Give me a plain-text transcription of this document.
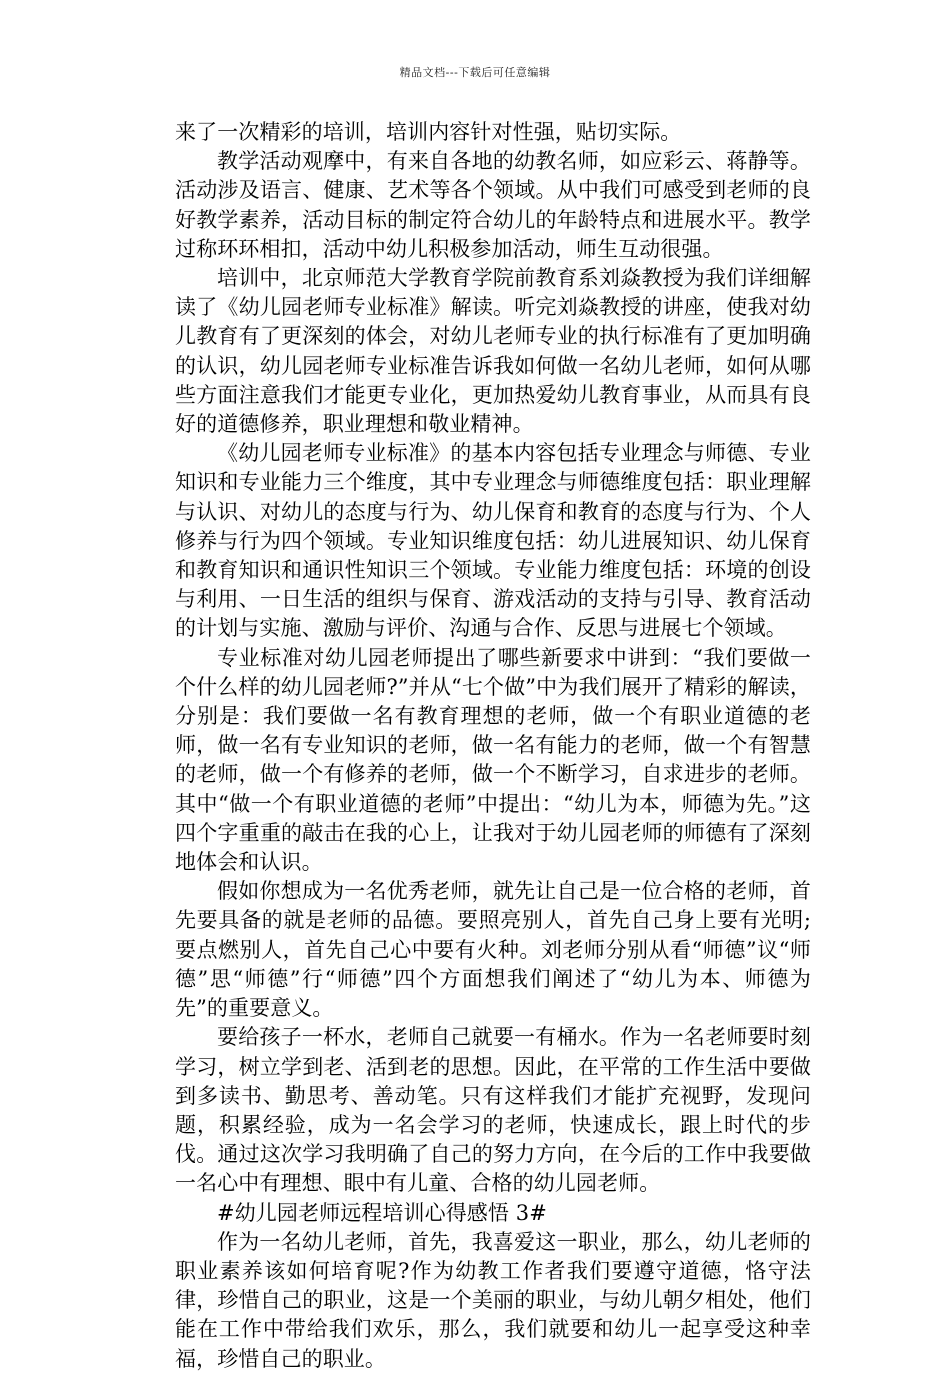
精品文档---下载后可任意编辑

来了一次精彩的培训，培训内容针对性强，贴切实际。

教学活动观摩中，有来自各地的幼教名师，如应彩云、蒋静等。活动涉及语言、健康、艺术等各个领域。从中我们可感受到老师的良好教学素养，活动目标的制定符合幼儿的年龄特点和进展水平。教学过称环环相扣，活动中幼儿积极参加活动，师生互动很强。

培训中，北京师范大学教育学院前教育系刘焱教授为我们详细解读了《幼儿园老师专业标准》解读。听完刘焱教授的讲座，使我对幼儿教育有了更深刻的体会，对幼儿老师专业的执行标准有了更加明确的认识，幼儿园老师专业标准告诉我如何做一名幼儿老师，如何从哪些方面注意我们才能更专业化，更加热爱幼儿教育事业，从而具有良好的道德修养，职业理想和敬业精神。

《幼儿园老师专业标准》的基本内容包括专业理念与师德、专业知识和专业能力三个维度，其中专业理念与师德维度包括：职业理解与认识、对幼儿的态度与行为、幼儿保育和教育的态度与行为、个人修养与行为四个领域。专业知识维度包括：幼儿进展知识、幼儿保育和教育知识和通识性知识三个领域。专业能力维度包括：环境的创设与利用、一日生活的组织与保育、游戏活动的支持与引导、教育活动的计划与实施、激励与评价、沟通与合作、反思与进展七个领域。

专业标准对幼儿园老师提出了哪些新要求中讲到：“我们要做一个什么样的幼儿园老师?”并从“七个做”中为我们展开了精彩的解读，分别是：我们要做一名有教育理想的老师，做一个有职业道德的老师，做一名有专业知识的老师，做一名有能力的老师，做一个有智慧的老师，做一个有修养的老师，做一个不断学习，自求进步的老师。其中“做一个有职业道德的老师”中提出：“幼儿为本，师德为先。”这四个字重重的敲击在我的心上，让我对于幼儿园老师的师德有了深刻地体会和认识。

假如你想成为一名优秀老师，就先让自己是一位合格的老师，首先要具备的就是老师的品德。要照亮别人，首先自己身上要有光明;要点燃别人，首先自己心中要有火种。刘老师分别从看“师德”议“师德”思“师德”行“师德”四个方面想我们阐述了“幼儿为本、师德为先”的重要意义。

要给孩子一杯水，老师自己就要一有桶水。作为一名老师要时刻学习，树立学到老、活到老的思想。因此，在平常的工作生活中要做到多读书、勤思考、善动笔。只有这样我们才能扩充视野，发现问题，积累经验，成为一名会学习的老师，快速成长，跟上时代的步伐。通过这次学习我明确了自己的努力方向，在今后的工作中我要做一名心中有理想、眼中有儿童、合格的幼儿园老师。

#幼儿园老师远程培训心得感悟 3#

作为一名幼儿老师，首先，我喜爱这一职业，那么，幼儿老师的职业素养该如何培育呢?作为幼教工作者我们要遵守道德，恪守法律，珍惜自己的职业，这是一个美丽的职业，与幼儿朝夕相处，他们能在工作中带给我们欢乐，那么，我们就要和幼儿一起享受这种幸福，珍惜自己的职业。
